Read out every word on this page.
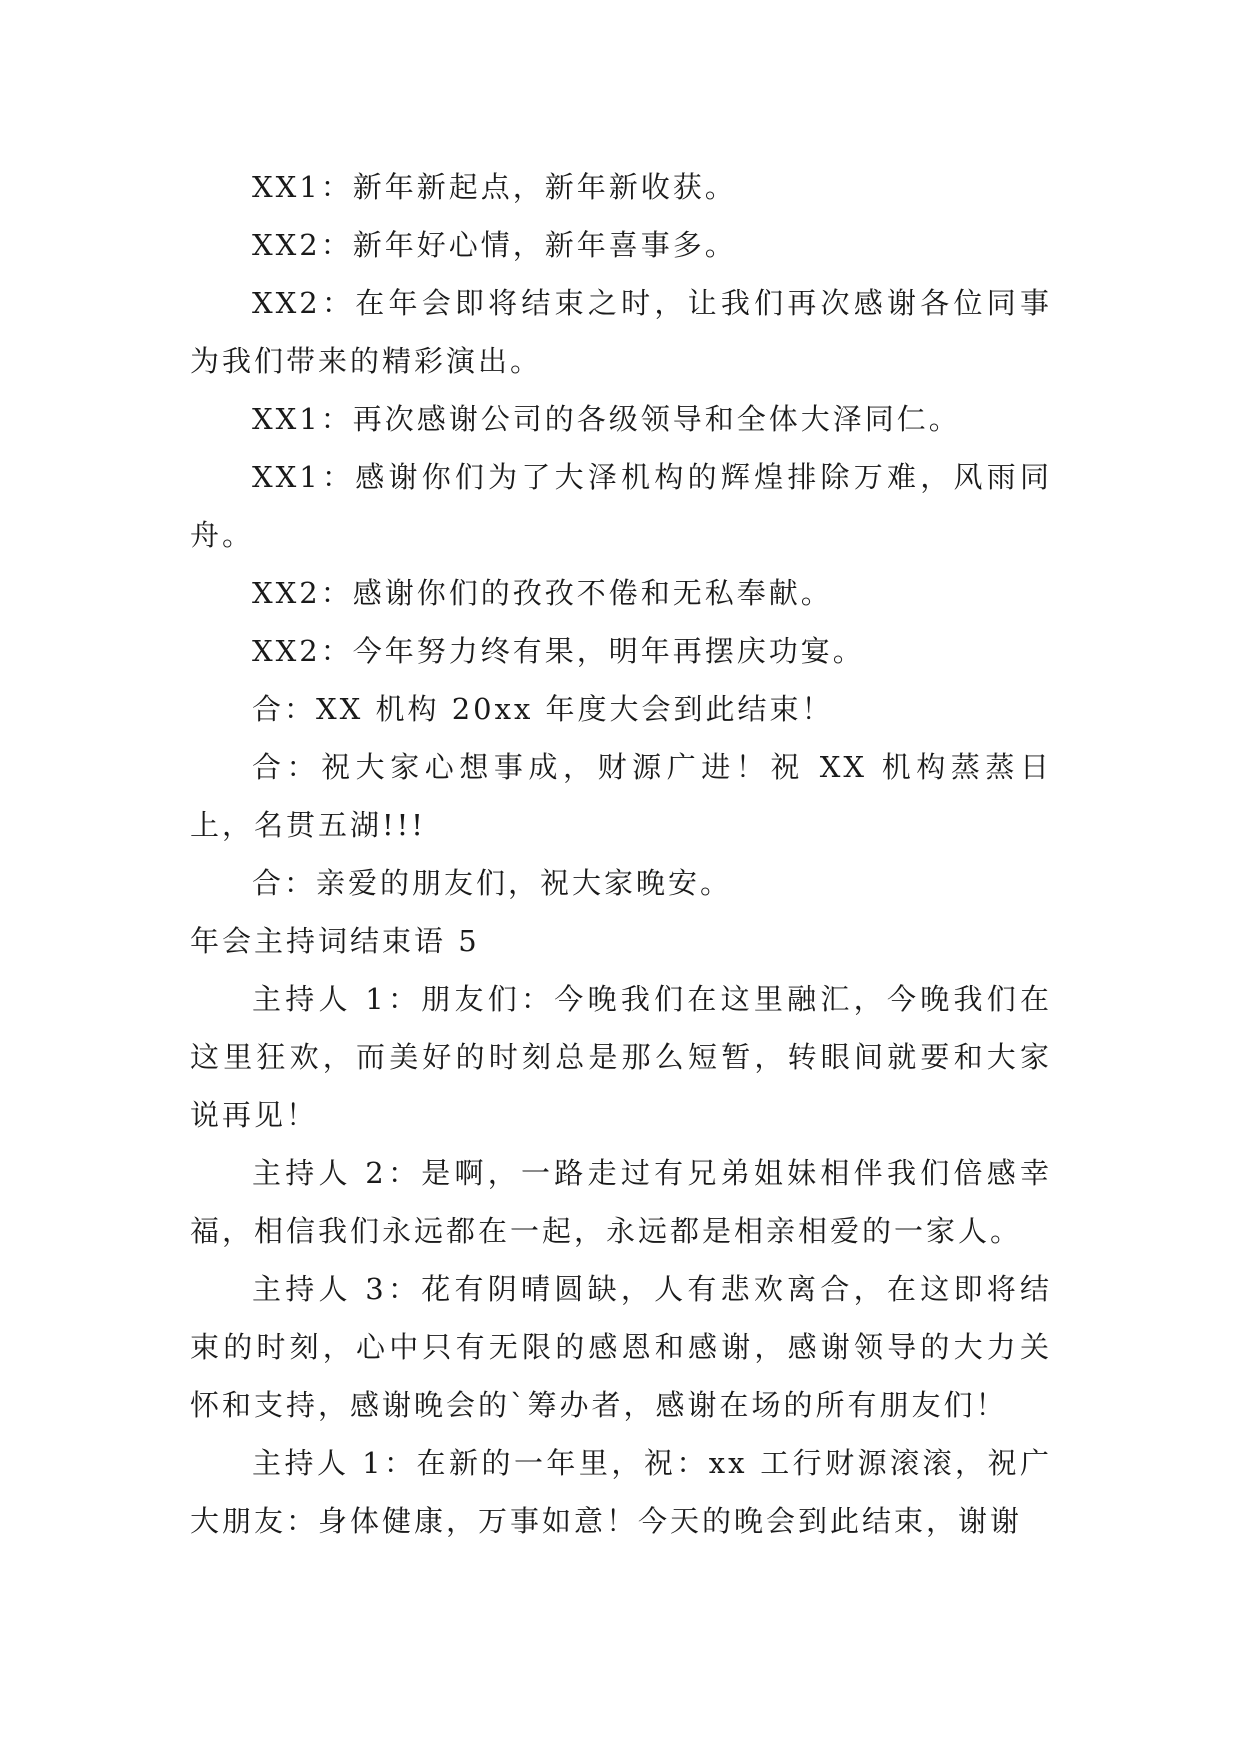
XX1：新年新起点，新年新收获。

XX2：新年好心情，新年喜事多。

XX2：在年会即将结束之时，让我们再次感谢各位同事为我们带来的精彩演出。

XX1：再次感谢公司的各级领导和全体大泽同仁。

XX1：感谢你们为了大泽机构的辉煌排除万难，风雨同舟。

XX2：感谢你们的孜孜不倦和无私奉献。

XX2：今年努力终有果，明年再摆庆功宴。

合：XX 机构 20xx 年度大会到此结束！

合：祝大家心想事成，财源广进！祝 XX 机构蒸蒸日上，名贯五湖!!!

合：亲爱的朋友们，祝大家晚安。

年会主持词结束语 5

主持人 1：朋友们：今晚我们在这里融汇，今晚我们在这里狂欢，而美好的时刻总是那么短暂，转眼间就要和大家说再见！

主持人 2：是啊，一路走过有兄弟姐妹相伴我们倍感幸福，相信我们永远都在一起，永远都是相亲相爱的一家人。

主持人 3：花有阴晴圆缺，人有悲欢离合，在这即将结束的时刻，心中只有无限的感恩和感谢，感谢领导的大力关怀和支持，感谢晚会的`筹办者，感谢在场的所有朋友们！

主持人 1：在新的一年里，祝：xx 工行财源滚滚，祝广大朋友：身体健康，万事如意！今天的晚会到此结束，谢谢
